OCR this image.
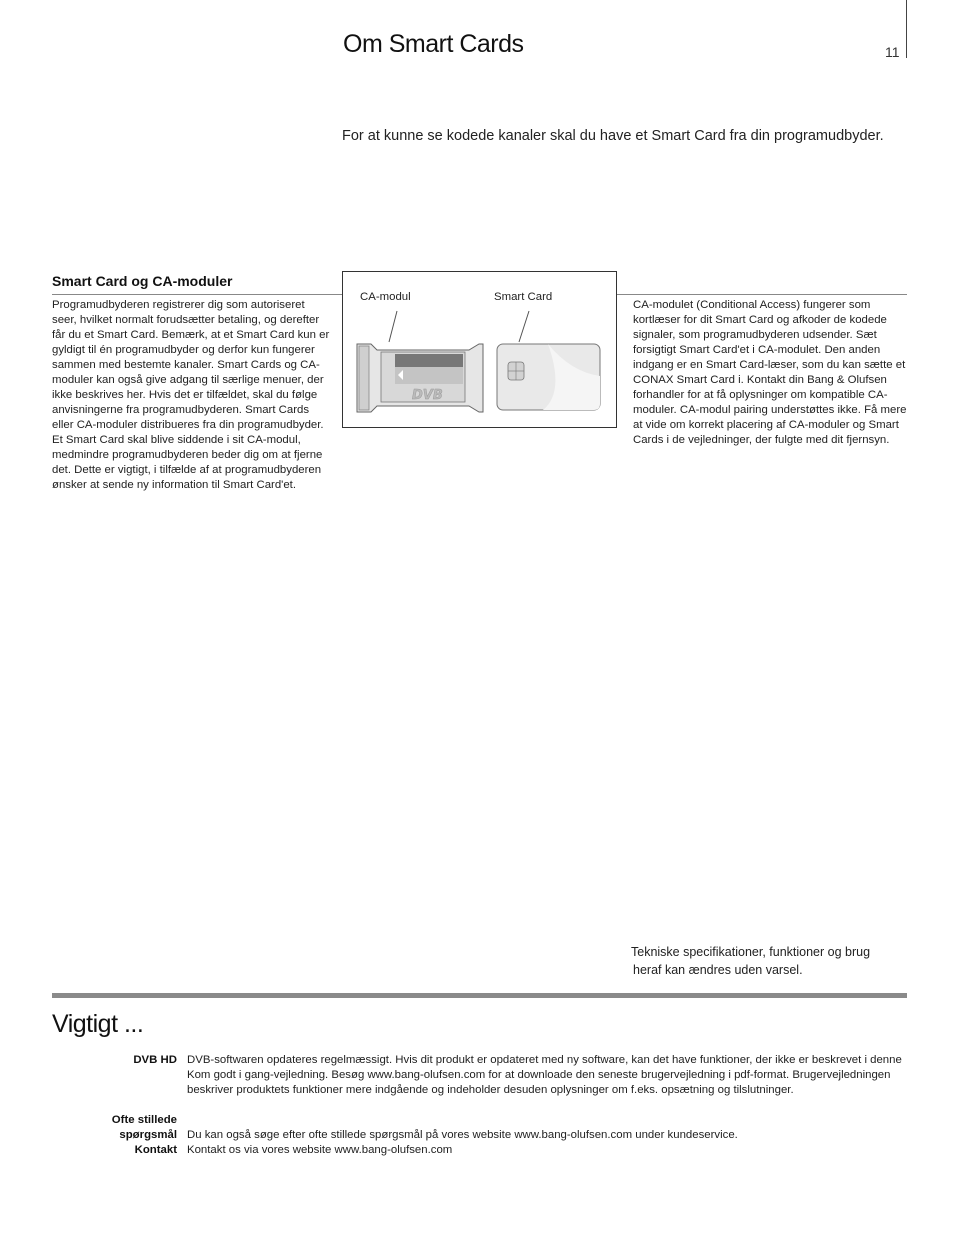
Om Smart Cards	11
For at kunne se kodede kanaler skal du have et Smart Card fra din programudbyder.
Smart Card og CA-moduler
Programudbyderen registrerer dig som autoriseret seer, hvilket normalt forudsætter betaling, og derefter får du et Smart Card. Bemærk, at et Smart Card kun er gyldigt til én programudbyder og derfor kun fungerer sammen med bestemte kanaler. Smart Cards og CA-moduler kan også give adgang til særlige menuer, der ikke beskrives her. Hvis det er tilfældet, skal du følge anvisningerne fra programudbyderen. Smart Cards eller CA-moduler distribueres fra din programudbyder. Et Smart Card skal blive siddende i sit CA-modul, medmindre programudbyderen beder dig om at fjerne det. Dette er vigtigt, i tilfælde af at programudbyderen ønsker at sende ny information til Smart Card'et.
CA-modul	Smart Card
DVB
CA-modulet (Conditional Access) fungerer som kortlæser for dit Smart Card og afkoder de kodede signaler, som programudbyderen udsender. Sæt forsigtigt Smart Card'et i CA-modulet. Den anden indgang er en Smart Card-læser, som du kan sætte et CONAX Smart Card i. Kontakt din Bang & Olufsen forhandler for at få oplysninger om kompatible CA-moduler. CA-modul pairing understøttes ikke. Få mere at vide om korrekt placering af CA-moduler og Smart Cards i de vejledninger, der fulgte med dit fjernsyn.
Tekniske specifikationer, funktioner og brug
heraf kan ændres uden varsel.
Vigtigt ...
DVB HD DVB-softwaren opdateres regelmæssigt. Hvis dit produkt er opdateret med ny software, kan det have funktioner, der ikke er beskrevet i denne Kom godt i gang-vejledning. Besøg www.bang-olufsen.com for at downloade den seneste brugervejledning i pdf-format. Brugervejledningen beskriver produktets funktioner mere indgående og indeholder desuden oplysninger om f.eks. opsætning og tilslutninger.
Ofte stillede
spørgsmål Du kan også søge efter ofte stillede spørgsmål på vores website www.bang-olufsen.com under kundeservice.
Kontakt Kontakt os via vores website www.bang-olufsen.com
